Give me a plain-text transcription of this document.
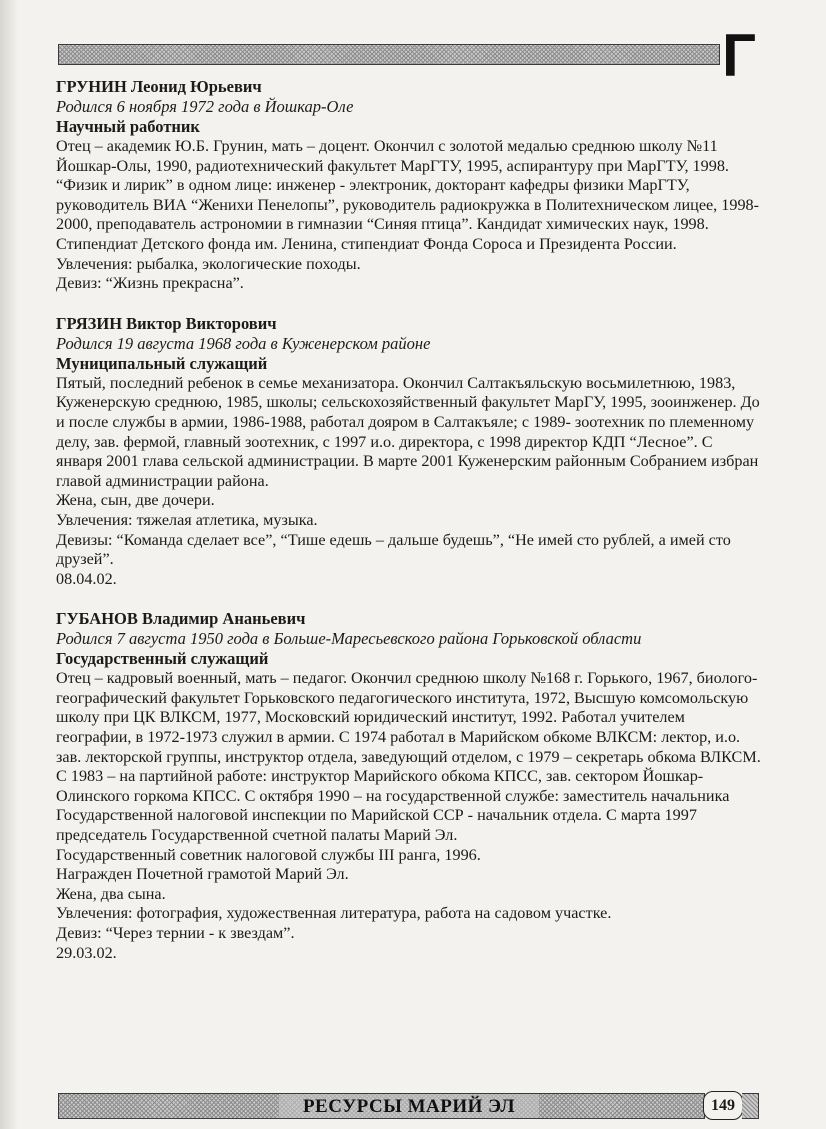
Г
ГРУНИН Леонид Юрьевич
Родился 6 ноября 1972 года в Йошкар-Оле
Научный работник

Отец – академик Ю.Б. Грунин, мать – доцент. Окончил с золотой медалью среднюю школу №11 Йошкар-Олы, 1990, радиотехнический факультет МарГТУ, 1995, аспирантуру при МарГТУ, 1998. “Физик и лирик” в одном лице: инженер - электроник, докторант кафедры физики МарГТУ, руководитель ВИА “Женихи Пенелопы”, руководитель радиокружка в Политехническом лицее, 1998-2000, преподаватель астрономии в гимназии “Синяя птица”. Кандидат химических наук, 1998. Стипендиат Детского фонда им. Ленина, стипендиат Фонда Сороса и Президента России.

Увлечения: рыбалка, экологические походы.

Девиз: “Жизнь прекрасна”.

ГРЯЗИН Виктор Викторович
Родился 19 августа 1968 года в Куженерском районе
Муниципальный служащий

Пятый, последний ребенок в семье механизатора. Окончил Салтакъяльскую восьмилетнюю, 1983, Куженерскую среднюю, 1985, школы; сельскохозяйственный факультет МарГУ, 1995, зооинженер. До и после службы в армии, 1986-1988, работал дояром в Салтакъяле; с 1989- зоотехник по племенному делу, зав. фермой, главный зоотехник, с 1997 и.о. директора, с 1998 директор КДП “Лесное”. С января 2001 глава сельской администрации. В марте 2001 Куженерским районным Собранием избран главой администрации района.

Жена, сын, две дочери.

Увлечения: тяжелая атлетика, музыка.

Девизы: “Команда сделает все”, “Тише едешь – дальше будешь”, “Не имей сто рублей, а имей сто друзей”.

08.04.02.

ГУБАНОВ Владимир Ананьевич
Родился 7 августа 1950 года в Больше-Маресьевского района Горьковской области
Государственный служащий

Отец – кадровый военный, мать – педагог. Окончил среднюю школу №168 г. Горького, 1967, биолого-географический факультет Горьковского педагогического института, 1972, Высшую комсомольскую школу при ЦК ВЛКСМ, 1977, Московский юридический институт, 1992. Работал учителем географии, в 1972-1973 служил в армии. С 1974 работал в Марийском обкоме ВЛКСМ: лектор, и.о. зав. лекторской группы, инструктор отдела, заведующий отделом, с 1979 – секретарь обкома ВЛКСМ. С 1983 – на партийной работе: инструктор Марийского обкома КПСС, зав. сектором Йошкар-Олинского горкома КПСС. С октября 1990 – на государственной службе: заместитель начальника Государственной налоговой инспекции по Марийской ССР - начальник отдела. С марта 1997 председатель Государственной счетной палаты Марий Эл.

Государственный советник налоговой службы III ранга, 1996.

Награжден Почетной грамотой Марий Эл.

Жена, два сына.

Увлечения: фотография, художественная литература, работа на садовом участке.

Девиз: “Через тернии - к звездам”.

29.03.02.

РЕСУРСЫ МАРИЙ ЭЛ	149
